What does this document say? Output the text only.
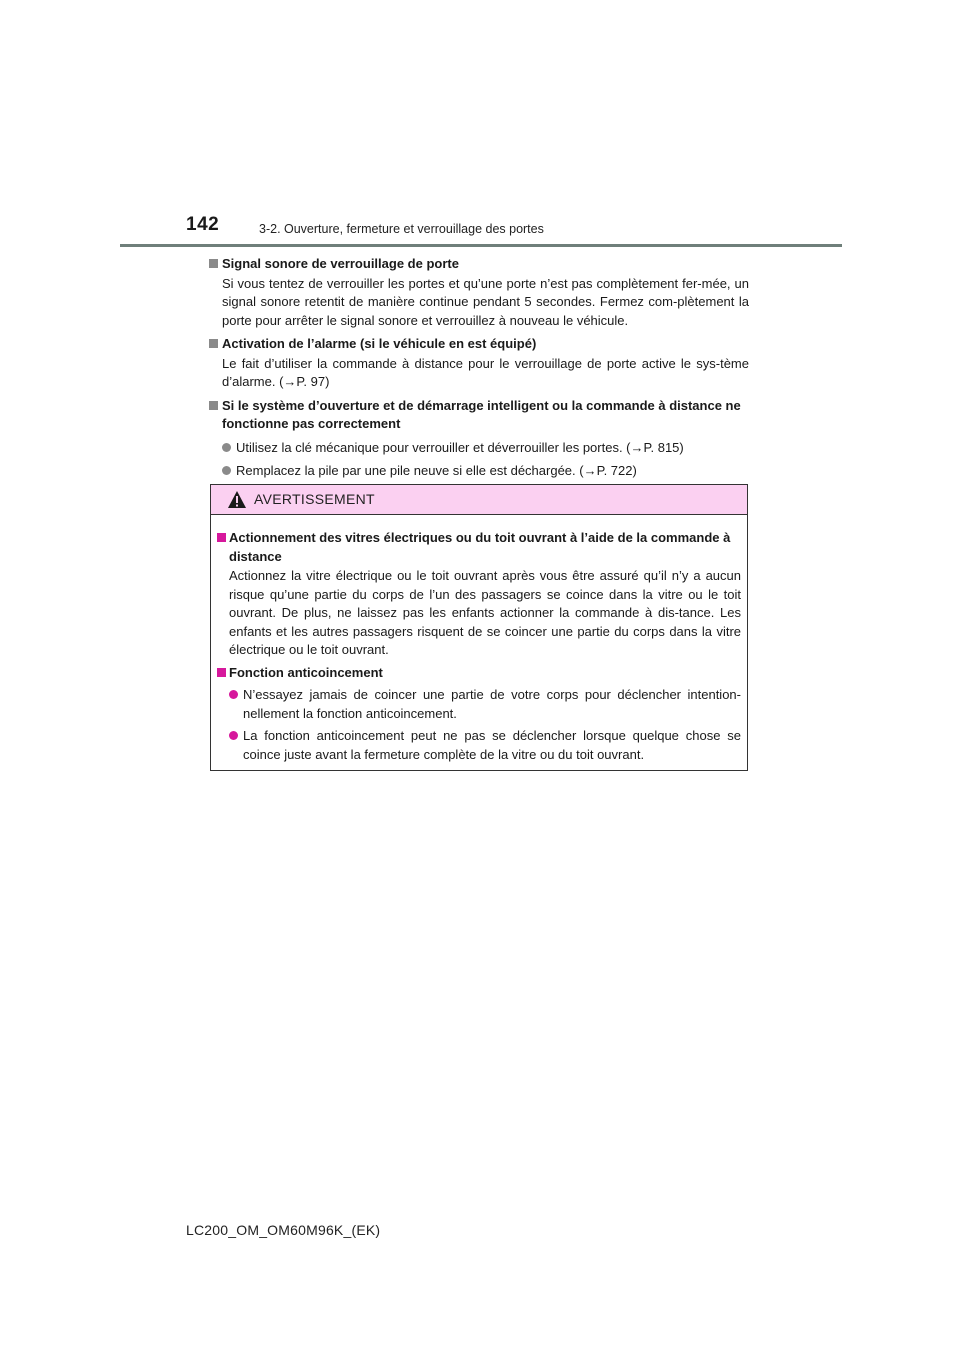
142	3-2. Ouverture, fermeture et verrouillage des portes
Signal sonore de verrouillage de porte
Si vous tentez de verrouiller les portes et qu’une porte n’est pas complètement fer-mée, un signal sonore retentit de manière continue pendant 5 secondes. Fermez com-plètement la porte pour arrêter le signal sonore et verrouillez à nouveau le véhicule.
Activation de l’alarme (si le véhicule en est équipé)
Le fait d’utiliser la commande à distance pour le verrouillage de porte active le sys-tème d’alarme. (→P. 97)
Si le système d’ouverture et de démarrage intelligent ou la commande à distance ne fonctionne pas correctement
Utilisez la clé mécanique pour verrouiller et déverrouiller les portes. (→P. 815)
Remplacez la pile par une pile neuve si elle est déchargée. (→P. 722)
AVERTISSEMENT
Actionnement des vitres électriques ou du toit ouvrant à l’aide de la commande à distance
Actionnez la vitre électrique ou le toit ouvrant après vous être assuré qu’il n’y a aucun risque qu’une partie du corps de l’un des passagers se coince dans la vitre ou le toit ouvrant. De plus, ne laissez pas les enfants actionner la commande à dis-tance. Les enfants et les autres passagers risquent de se coincer une partie du corps dans la vitre électrique ou le toit ouvrant.
Fonction anticoincement
N’essayez jamais de coincer une partie de votre corps pour déclencher intention-nellement la fonction anticoincement.
La fonction anticoincement peut ne pas se déclencher lorsque quelque chose se coince juste avant la fermeture complète de la vitre ou du toit ouvrant.
LC200_OM_OM60M96K_(EK)
